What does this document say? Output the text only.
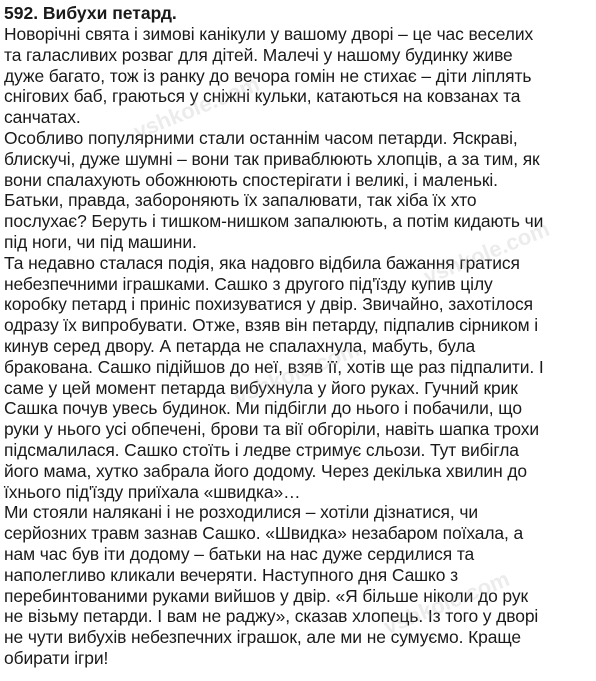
592. Вибухи петард.
Новорічні свята і зимові канікули у вашому дворі – це час веселих
та галасливих розваг для дітей. Малечі у нашому будинку живе
дуже багато, тож із ранку до вечора гомін не стихає – діти ліплять
снігових баб, граються у сніжні кульки, катаються на ковзанах та
санчатах.
Особливо популярними стали останнім часом петарди. Яскраві,
блискучі, дуже шумні – вони так приваблюють хлопців, а за тим, як
вони спалахують обожнюють спостерігати і великі, і маленькі.
Батьки, правда, забороняють їх запалювати, так хіба їх хто
послухає? Беруть і тишком-нишком запалюють, а потім кидають чи
під ноги, чи під машини.
Та недавно сталася подія, яка надовго відбила бажання гратися
небезпечними іграшками. Сашко з другого під'їзду купив цілу
коробку петард і приніс похизуватися у двір. Звичайно, захотілося
одразу їх випробувати. Отже, взяв він петарду, підпалив сірником і
кинув серед двору. А петарда не спалахнула, мабуть, була
бракована. Сашко підійшов до неї, взяв її, хотів ще раз підпалити. І
саме у цей момент петарда вибухнула у його руках. Гучний крик
Сашка почув увесь будинок. Ми підбігли до нього і побачили, що
руки у нього усі обпечені, брови та вії обгоріли, навіть шапка трохи
підсмалилася. Сашко стоїть і ледве стримує сльози. Тут вибігла
його мама, хутко забрала його додому. Через декілька хвилин до
їхнього під'їзду приїхала «швидка»…
Ми стояли налякані і не розходилися – хотіли дізнатися, чи
серйозних травм зазнав Сашко. «Швидка» незабаром поїхала, а
нам час був іти додому – батьки на нас дуже сердилися та
наполегливо кликали вечеряти. Наступного дня Сашко з
перебинтованими руками вийшов у двір. «Я більше ніколи до рук
не візьму петарди. І вам не раджу», сказав хлопець. Із того у дворі
не чути вибухів небезпечних іграшок, але ми не сумуємо. Краще
обирати ігри!
vshkole.com
vshkole.com
vshkole.com
vshkole.com
